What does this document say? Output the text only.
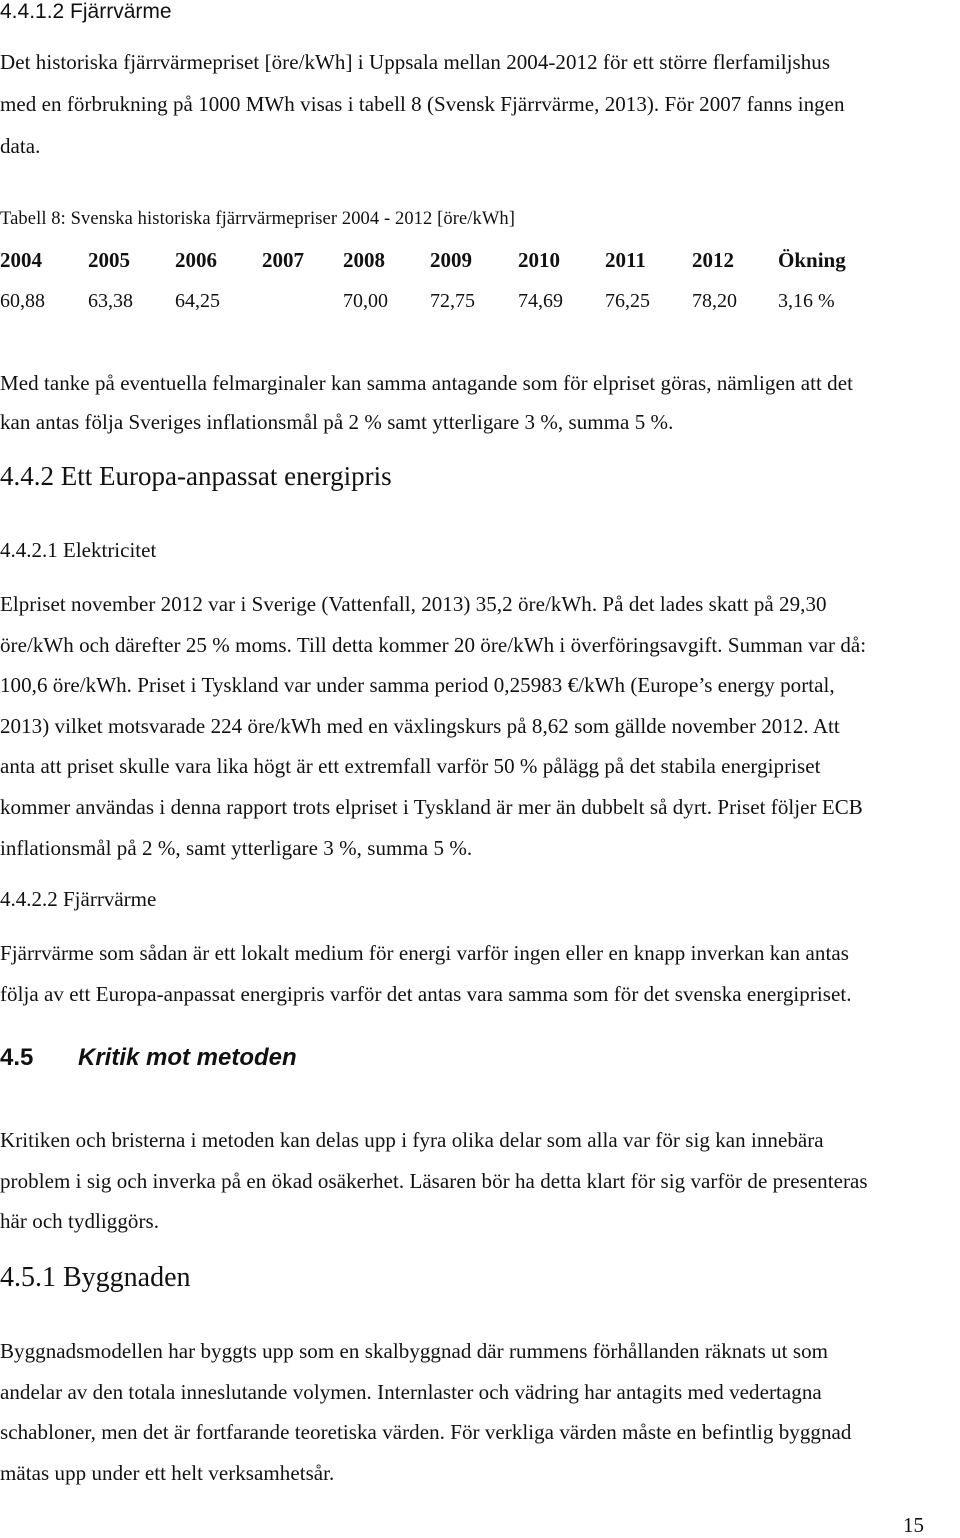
4.4.1.2 Fjärrvärme
Det historiska fjärrvärmepriset [öre/kWh] i Uppsala mellan 2004-2012 för ett större flerfamiljshus
med en förbrukning på 1000 MWh visas i tabell 8 (Svensk Fjärrvärme, 2013). För 2007 fanns ingen
data.
Tabell 8: Svenska historiska fjärrvärmepriser 2004 - 2012 [öre/kWh]
2004 2005 2006 2007 2008 2009 2010 2011 2012 Ökning
60,88 63,38 64,25	70,00 72,75 74,69 76,25 78,20 3,16 %
Med tanke på eventuella felmarginaler kan samma antagande som för elpriset göras, nämligen att det
kan antas följa Sveriges inflationsmål på 2 % samt ytterligare 3 %, summa 5 %.
4.4.2 Ett Europa-anpassat energipris
4.4.2.1 Elektricitet
Elpriset november 2012 var i Sverige (Vattenfall, 2013) 35,2 öre/kWh. På det lades skatt på 29,30
öre/kWh och därefter 25 % moms. Till detta kommer 20 öre/kWh i överföringsavgift. Summan var då:
100,6 öre/kWh. Priset i Tyskland var under samma period 0,25983 €/kWh (Europe’s energy portal,
2013) vilket motsvarade 224 öre/kWh med en växlingskurs på 8,62 som gällde november 2012. Att
anta att priset skulle vara lika högt är ett extremfall varför 50 % pålägg på det stabila energipriset
kommer användas i denna rapport trots elpriset i Tyskland är mer än dubbelt så dyrt. Priset följer ECB
inflationsmål på 2 %, samt ytterligare 3 %, summa 5 %.
4.4.2.2 Fjärrvärme
Fjärrvärme som sådan är ett lokalt medium för energi varför ingen eller en knapp inverkan kan antas
följa av ett Europa-anpassat energipris varför det antas vara samma som för det svenska energipriset.
4.5 Kritik mot metoden
Kritiken och bristerna i metoden kan delas upp i fyra olika delar som alla var för sig kan innebära
problem i sig och inverka på en ökad osäkerhet. Läsaren bör ha detta klart för sig varför de presenteras
här och tydliggörs.
4.5.1 Byggnaden
Byggnadsmodellen har byggts upp som en skalbyggnad där rummens förhållanden räknats ut som
andelar av den totala inneslutande volymen. Internlaster och vädring har antagits med vedertagna
schabloner, men det är fortfarande teoretiska värden. För verkliga värden måste en befintlig byggnad
mätas upp under ett helt verksamhetsår.
15
